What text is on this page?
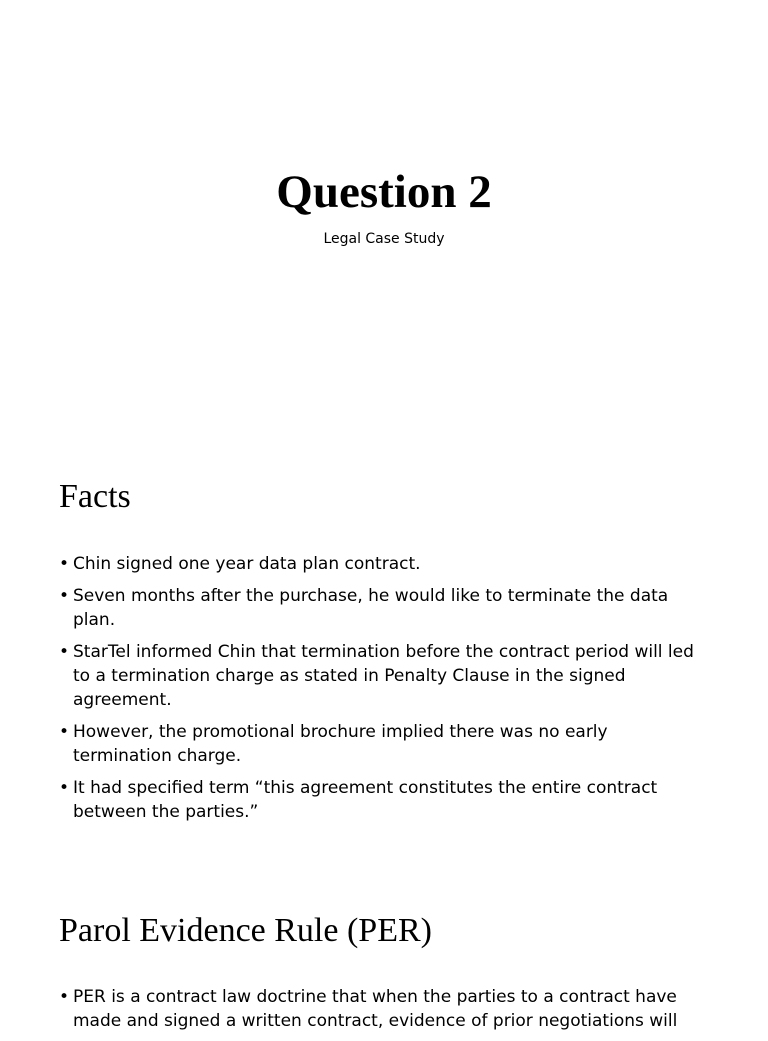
Question 2
Legal Case Study
Facts
• Chin signed one year data plan contract.
• Seven months after the purchase, he would like to terminate the data plan.
• StarTel informed Chin that termination before the contract period will led to a termination charge as stated in Penalty Clause in the signed agreement.
• However, the promotional brochure implied there was no early termination charge.
• It had specified term “this agreement constitutes the entire contract between the parties.”
Parol Evidence Rule (PER)
• PER is a contract law doctrine that when the parties to a contract have made and signed a written contract, evidence of prior negotiations will
